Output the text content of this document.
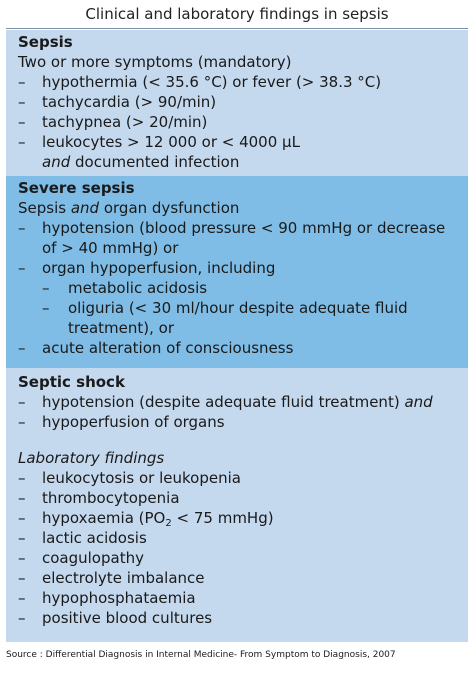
Clinical and laboratory findings in sepsis
Sepsis
Two or more symptoms (mandatory)
–	hypothermia (< 35.6 °C) or fever (> 38.3 °C)
–	tachycardia (> 90/min)
–	tachypnea (> 20/min)
–	leukocytes > 12 000 or < 4000 µL
and documented infection
Severe sepsis
Sepsis and organ dysfunction
–	hypotension (blood pressure < 90 mmHg or decrease of > 40 mmHg) or
–	organ hypoperfusion, including
–	metabolic acidosis
–	oliguria (< 30 ml/hour despite adequate fluid treatment), or
–	acute alteration of consciousness
Septic shock
–	hypotension (despite adequate fluid treatment) and
–	hypoperfusion of organs
Laboratory findings
–	leukocytosis or leukopenia
–	thrombocytopenia
–	hypoxaemia ($PO_2 < 75$ mmHg)
–	lactic acidosis
–	coagulopathy
–	electrolyte imbalance
–	hypophosphataemia
–	positive blood cultures
Source : Differential Diagnosis in Internal Medicine- From Symptom to Diagnosis, 2007
